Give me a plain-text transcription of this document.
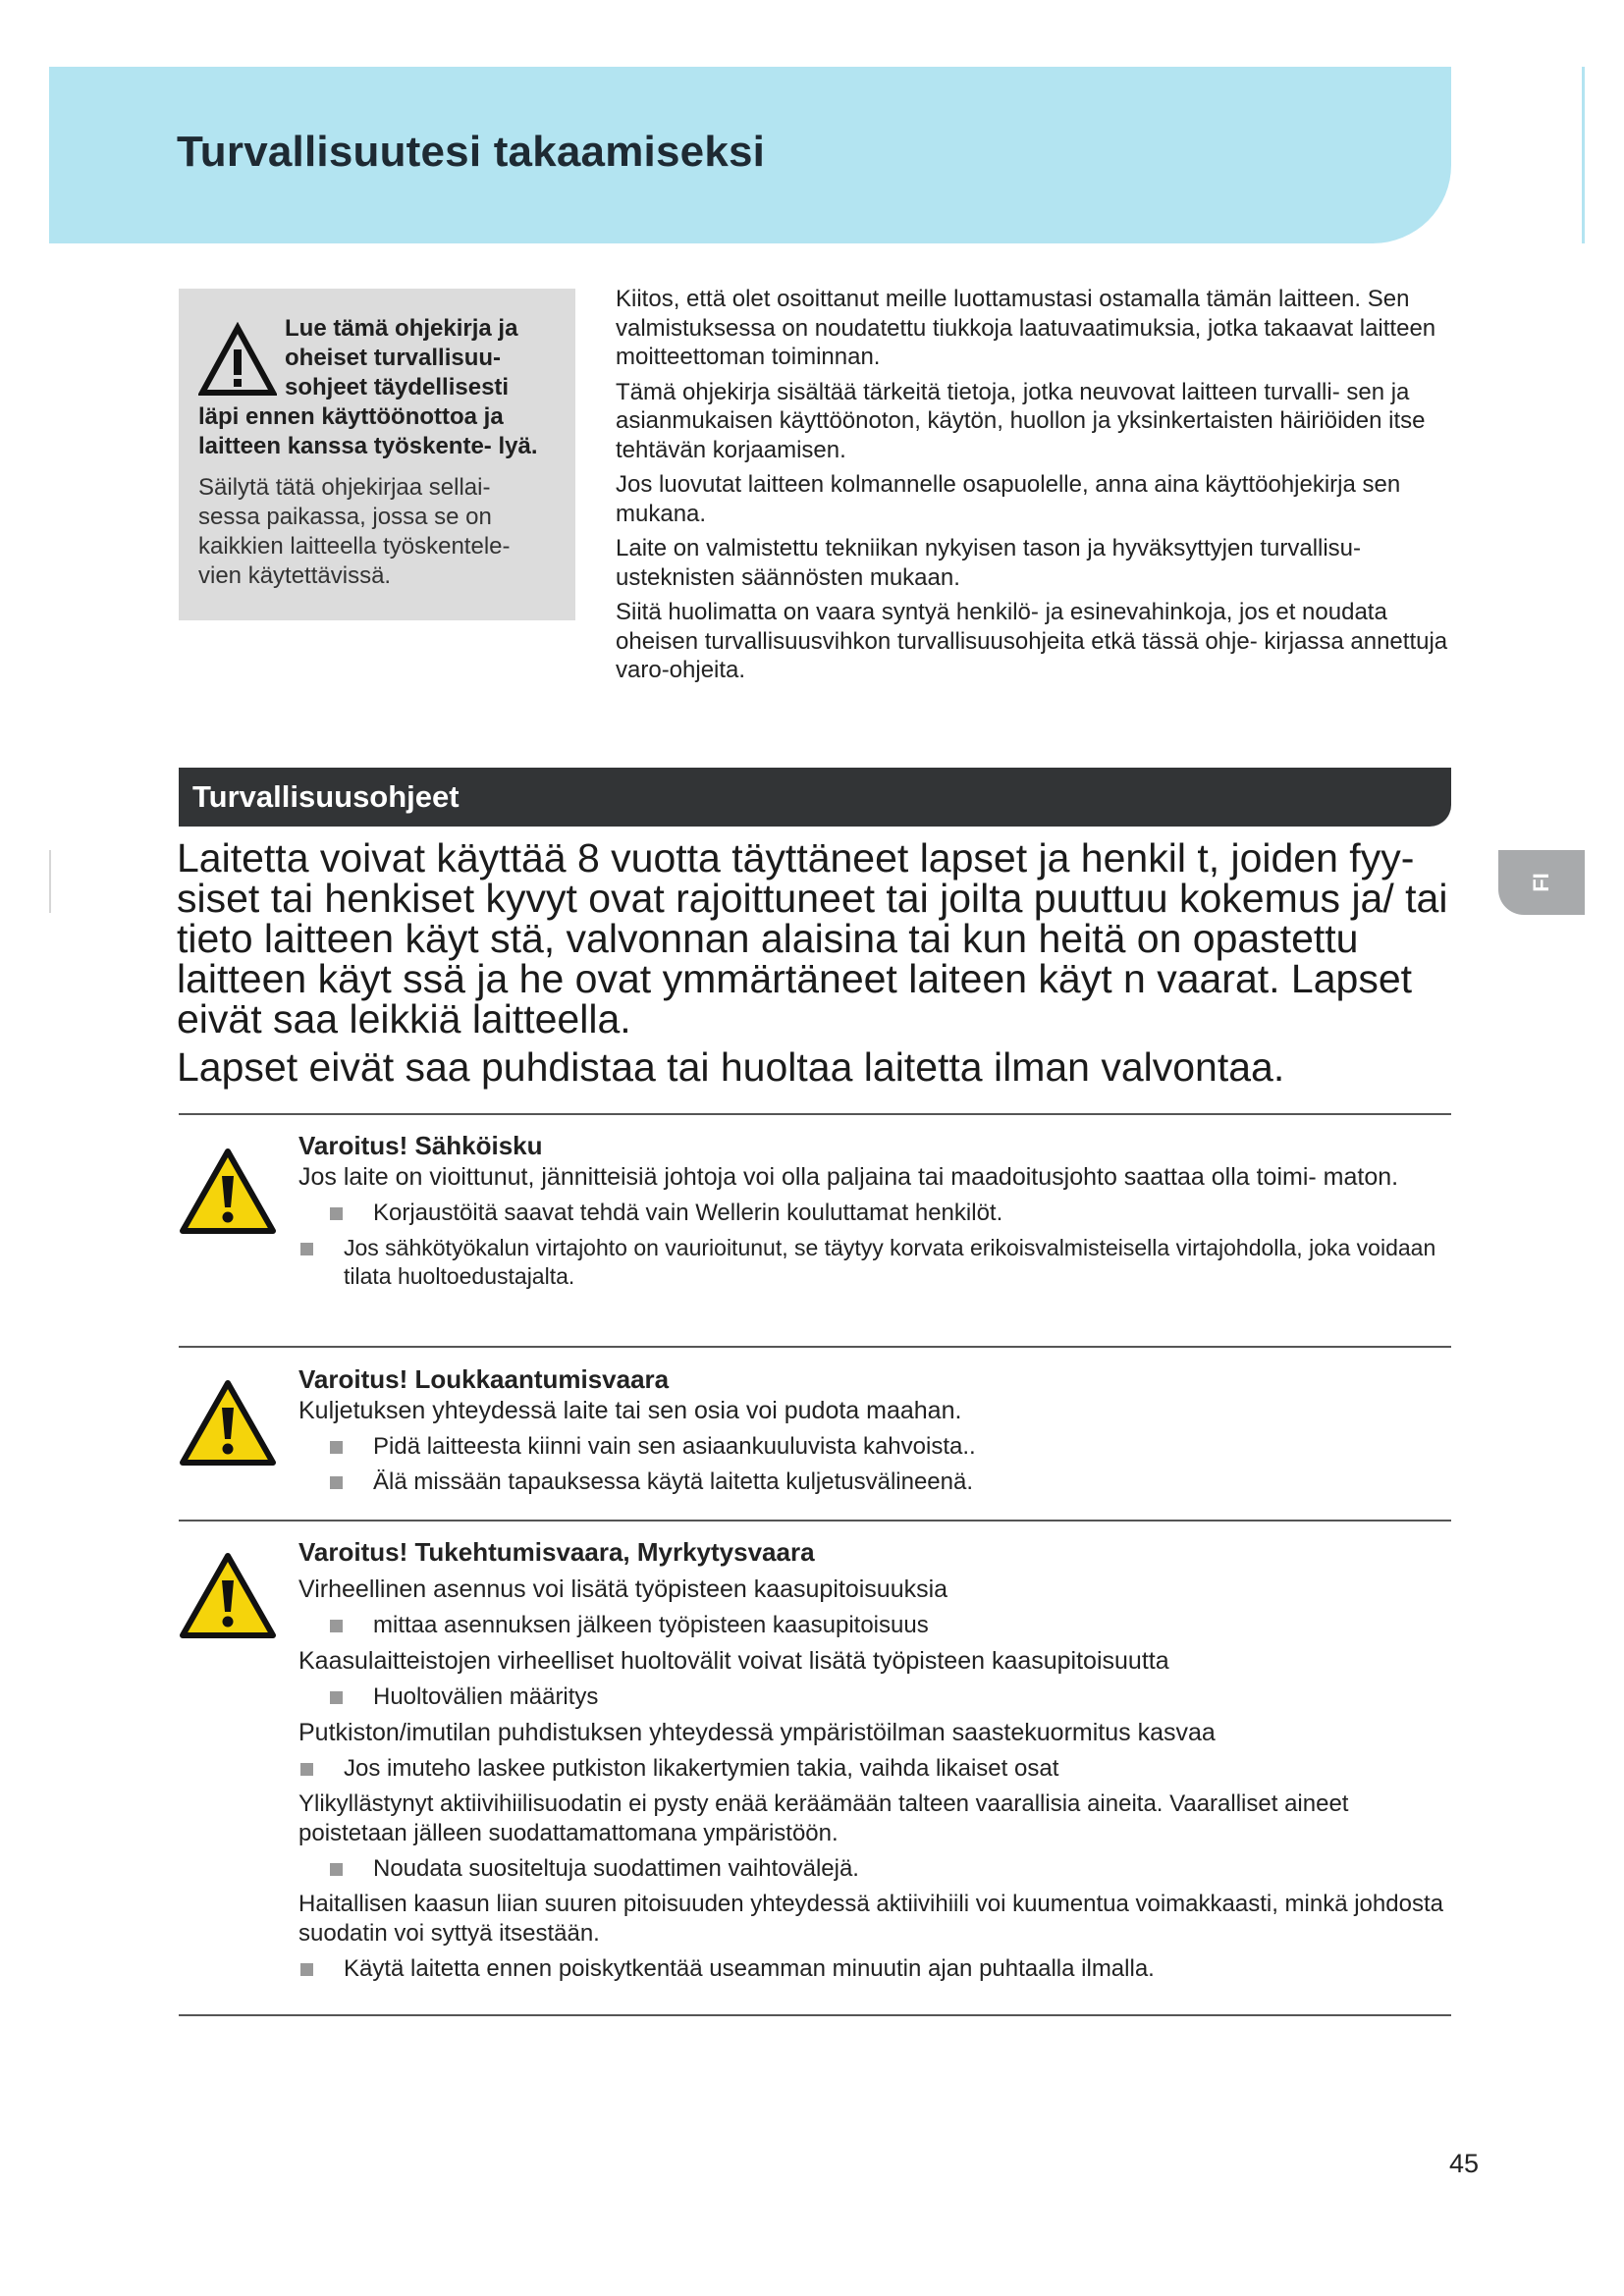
Turvallisuutesi takaamiseksi
FI
Lue tämä ohjekirja ja oheiset turvallisuu- sohjeet täydellisesti
läpi ennen käyttöönottoa ja laitteen kanssa työskente- lyä.
Säilytä tätä ohjekirjaa sellai- sessa paikassa, jossa se on kaikkien laitteella työskentele- vien käytettävissä.

Kiitos, että olet osoittanut meille luottamustasi ostamalla tämän laitteen. Sen valmistuksessa on noudatettu tiukkoja laatuvaatimuksia, jotka takaavat laitteen moitteettoman toiminnan.

Tämä ohjekirja sisältää tärkeitä tietoja, jotka neuvovat laitteen turvalli- sen ja asianmukaisen käyttöönoton, käytön, huollon ja yksinkertaisten häiriöiden itse tehtävän korjaamisen.

Jos luovutat laitteen kolmannelle osapuolelle, anna aina käyttöohjekirja sen mukana.

Laite on valmistettu tekniikan nykyisen tason ja hyväksyttyjen turvallisu- usteknisten säännösten mukaan.

Siitä huolimatta on vaara syntyä henkilö- ja esinevahinkoja, jos et noudata oheisen turvallisuusvihkon turvallisuusohjeita etkä tässä ohje- kirjassa annettuja varo-ohjeita.

Turvallisuusohjeet

Laitetta voivat käyttää 8 vuotta täyttäneet lapset ja henkil t, joiden fyy- siset tai henkiset kyvyt ovat rajoittuneet tai joilta puuttuu kokemus ja/ tai tieto laitteen käyt stä, valvonnan alaisina tai kun heitä on opastettu laitteen käyt ssä ja he ovat ymmärtäneet laiteen käyt n vaarat. Lapset eivät saa leikkiä laitteella.

Lapset eivät saa puhdistaa tai huoltaa laitetta ilman valvontaa.

Varoitus! Sähköisku
Jos laite on vioittunut, jännitteisiä johtoja voi olla paljaina tai maadoitusjohto saattaa olla toimi- maton.
Korjaustöitä saavat tehdä vain Wellerin kouluttamat henkilöt.
Jos sähkötyökalun virtajohto on vaurioitunut, se täytyy korvata erikoisvalmisteisella virtajohdolla, joka voidaan tilata huoltoedustajalta.
Varoitus! Loukkaantumisvaara
Kuljetuksen yhteydessä laite tai sen osia voi pudota maahan.
Pidä laitteesta kiinni vain sen asiaankuuluvista kahvoista..
Älä missään tapauksessa käytä laitetta kuljetusvälineenä.
Varoitus! Tukehtumisvaara, Myrkytysvaara
Virheellinen asennus voi lisätä työpisteen kaasupitoisuuksia
mittaa asennuksen jälkeen työpisteen kaasupitoisuus
Kaasulaitteistojen virheelliset huoltovälit voivat lisätä työpisteen kaasupitoisuutta
Huoltovälien määritys
Putkiston/imutilan puhdistuksen yhteydessä ympäristöilman saastekuormitus kasvaa
Jos imuteho laskee putkiston likakertymien takia, vaihda likaiset osat
Ylikyllästynyt aktiivihiilisuodatin ei pysty enää keräämään talteen vaarallisia aineita. Vaaralliset aineet poistetaan jälleen suodattamattomana ympäristöön.
Noudata suositeltuja suodattimen vaihtovälejä.
Haitallisen kaasun liian suuren pitoisuuden yhteydessä aktiivihiili voi kuumentua voimakkaasti, minkä johdosta suodatin voi syttyä itsestään.
Käytä laitetta ennen poiskytkentää useamman minuutin ajan puhtaalla ilmalla.
45
